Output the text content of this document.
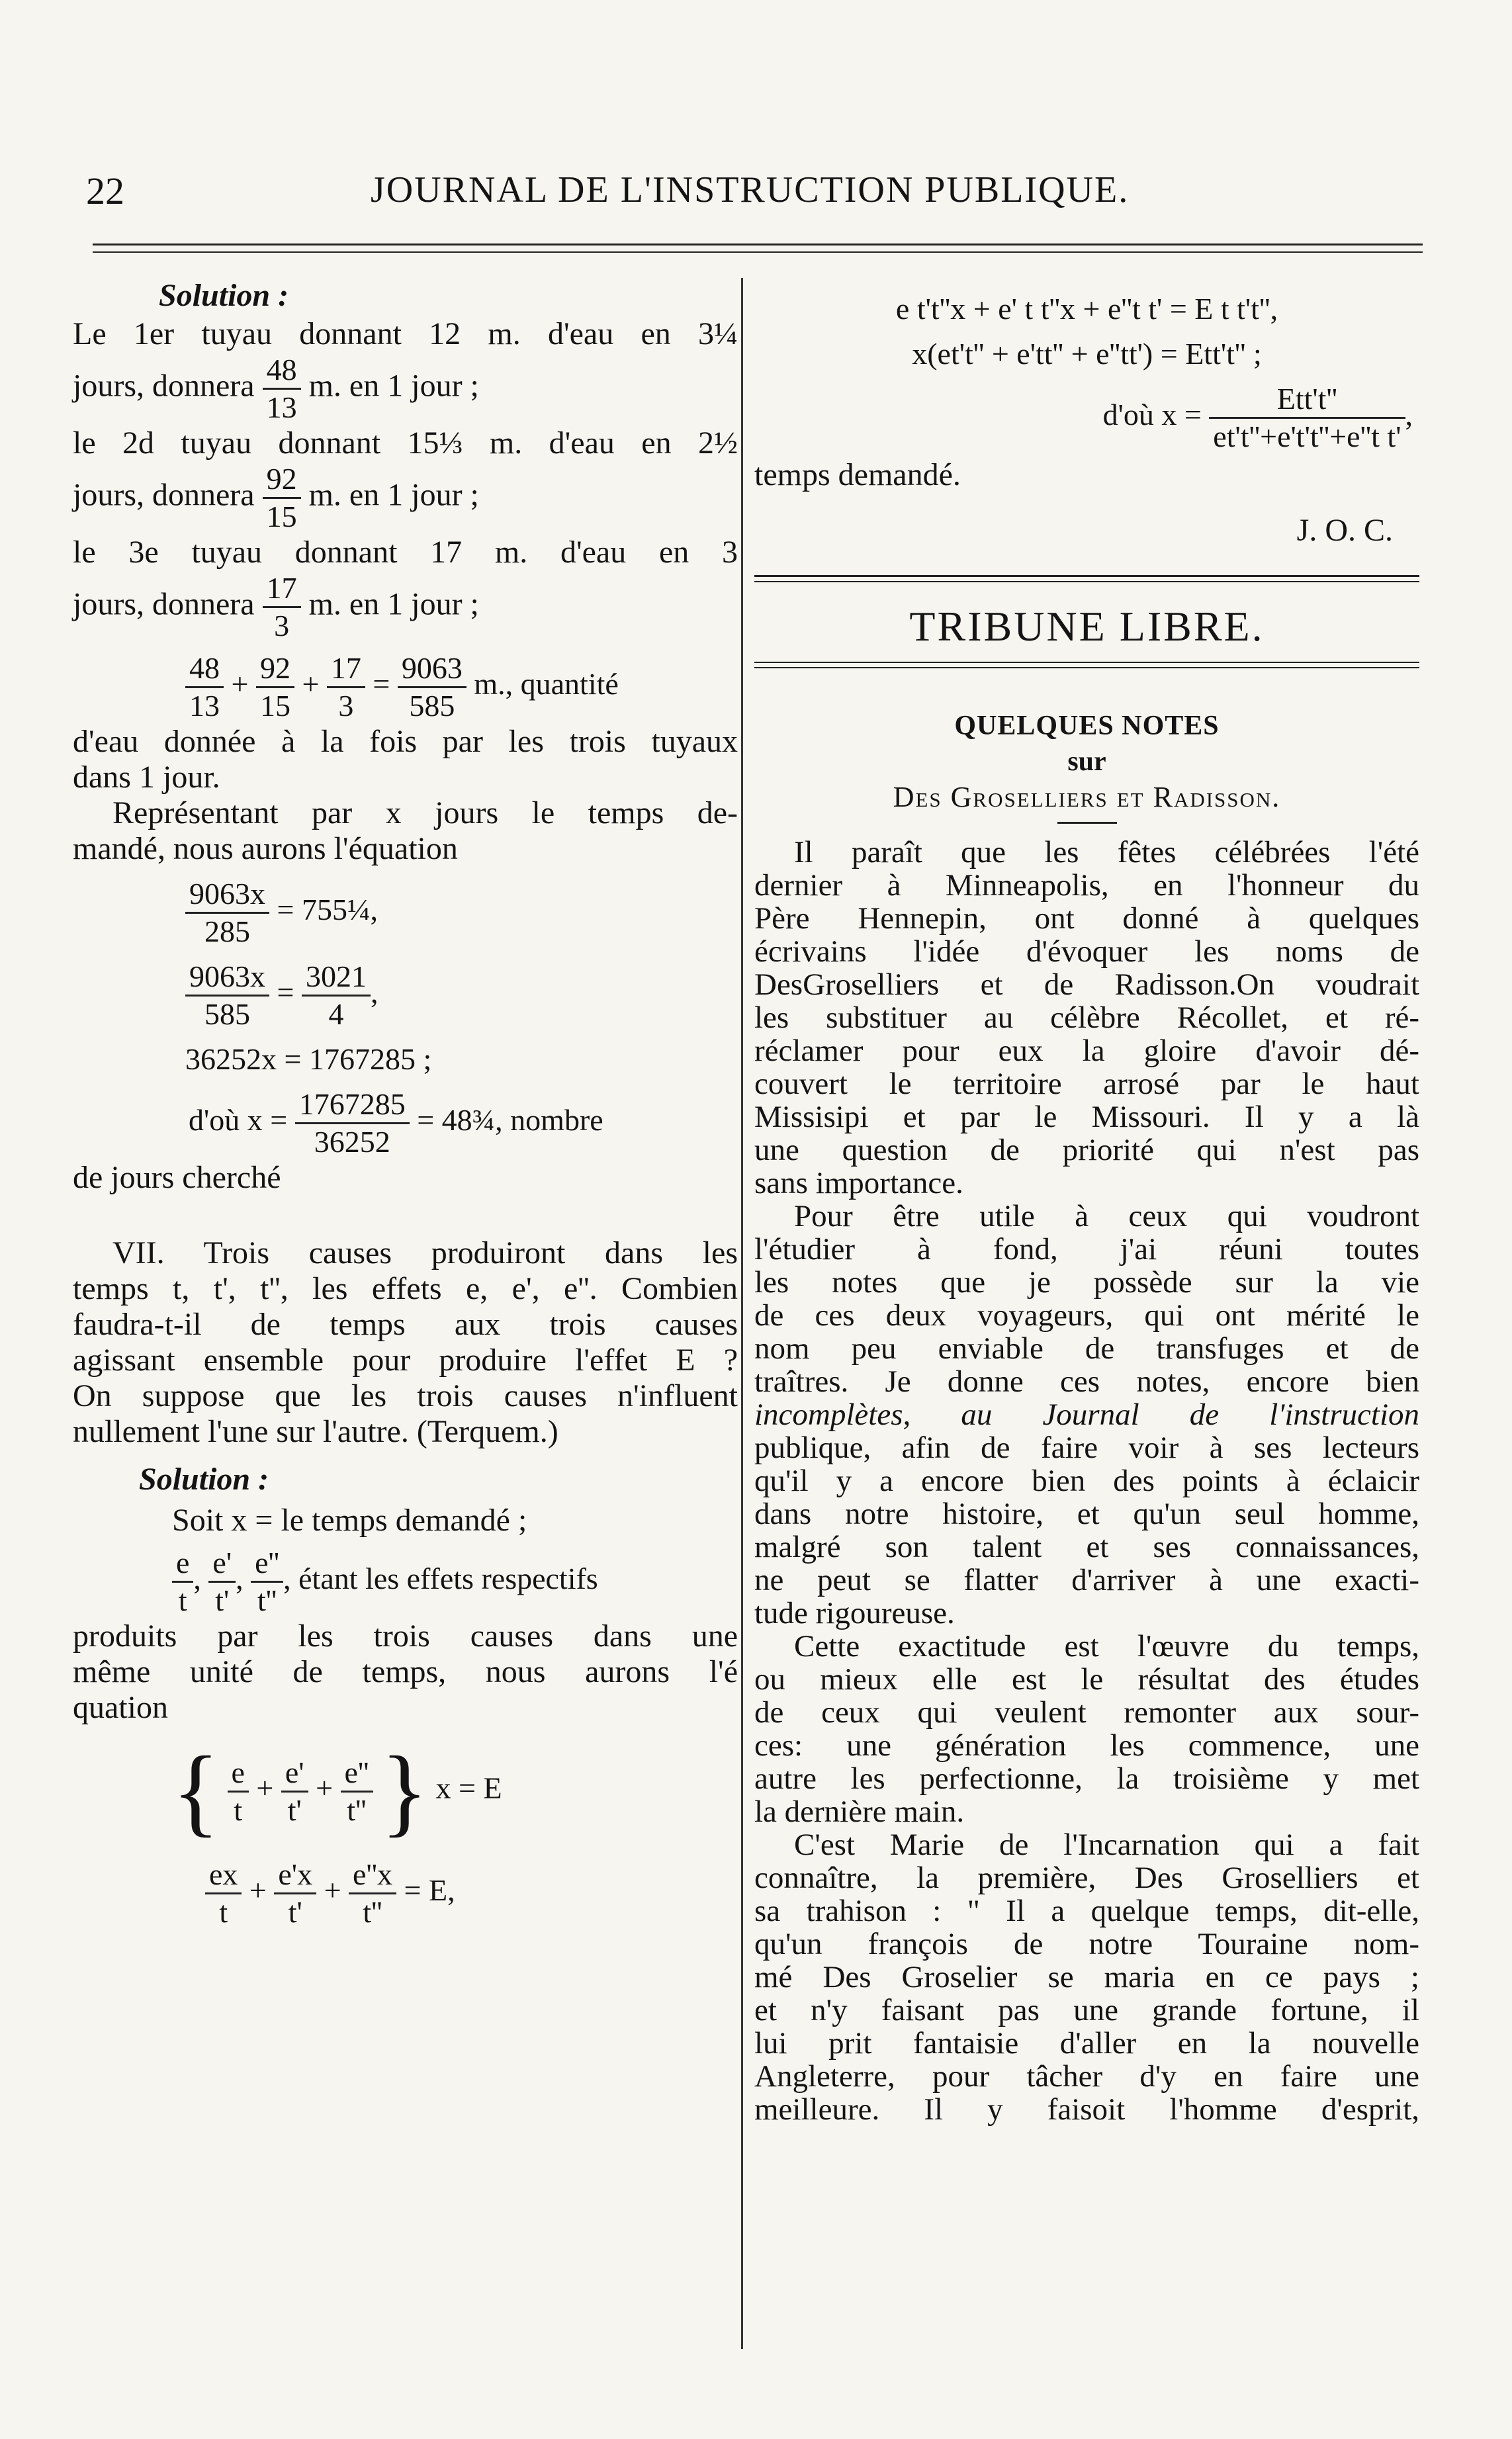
22	JOURNAL DE L'INSTRUCTION PUBLIQUE.
Solution :
Le 1er tuyau donnant 12 m. d'eau en 3¼
jours, donnera $\frac{48}{13} m$. en 1 jour ;
le 2d tuyau donnant 15⅓ m. d'eau en 2½
jours, donnera $\frac{92}{15} m$. en 1 jour ;
le 3e tuyau donnant 17 m. d'eau en 3
jours, donnera $\frac{17}{3} m$. en 1 jour ;
$\frac{48}{13} + \frac{92}{15} + \frac{17}{3} = \frac{9063}{585} m$., quantité
d'eau donnée à la fois par les trois tuyaux
dans 1 jour.
Représentant par x jours le temps de-
mandé, nous aurons l'équation
$\frac{9063x}{285}$ = 755¼,
$\frac{9063x}{585} = \frac{3021}{4}$ ,
36252x = 1767285 ;
d'où $x = \frac{1767285}{36252}$ = 48¾, nombre
de jours cherché
VII. Trois causes produiront dans les
temps t, t', t'', les effets e, e', e''. Combien
faudra-t-il de temps aux trois causes
agissant ensemble pour produire l'effet E ?
On suppose que les trois causes n'influent
nullement l'une sur l'autre. (Terquem.)
Solution :
Soit x = le temps demandé ;
$\frac{e}{t}$ , $\frac{e'}{t'}$ , $\frac{e''}{t''}$ , étant les effets respectifs
produits par les trois causes dans une
même unité de temps, nous aurons l'é
quation
{ $\frac{e}{t} + \frac{e'}{t'} + \frac{e''}{t''}$ } x = E
$\frac{ex}{t} + \frac{e'x}{t'} + \frac{e''x}{t''} = E$,
e t't''x + e' t t''x + e''t t' = E t t't'',
x(et't'' + e'tt'' + e''tt') = Ett't'' ;
d'où $x = \frac{\text{Ett't''}}{\text{et't''+e't't''+e''t t'}}$ ,
temps demandé.
J. O. C.
TRIBUNE LIBRE.
QUELQUES NOTES
sur
Des Groselliers et Radisson.

Il paraît que les fêtes célébrées l'été
dernier à Minneapolis, en l'honneur du
Père Hennepin, ont donné à quelques
écrivains l'idée d'évoquer les noms de
DesGroselliers et de Radisson.On voudrait
les substituer au célèbre Récollet, et ré-
réclamer pour eux la gloire d'avoir dé-
couvert le territoire arrosé par le haut
Missisipi et par le Missouri. Il y a là
une question de priorité qui n'est pas
sans importance.

Pour être utile à ceux qui voudront
l'étudier à fond, j'ai réuni toutes
les notes que je possède sur la vie
de ces deux voyageurs, qui ont mérité le
nom peu enviable de transfuges et de
traîtres. Je donne ces notes, encore bien
incomplètes, au Journal de l'instruction
publique, afin de faire voir à ses lecteurs
qu'il y a encore bien des points à éclaicir
dans notre histoire, et qu'un seul homme,
malgré son talent et ses connaissances,
ne peut se flatter d'arriver à une exacti-
tude rigoureuse.

Cette exactitude est l'œuvre du temps,
ou mieux elle est le résultat des études
de ceux qui veulent remonter aux sour-
ces: une génération les commence, une
autre les perfectionne, la troisième y met
la dernière main.

C'est Marie de l'Incarnation qui a fait
connaître, la première, Des Groselliers et
sa trahison : " Il a quelque temps, dit-elle,
qu'un françois de notre Touraine nom-
mé Des Groselier se maria en ce pays ;
et n'y faisant pas une grande fortune, il
lui prit fantaisie d'aller en la nouvelle
Angleterre, pour tâcher d'y en faire une
meilleure. Il y faisoit l'homme d'esprit,
